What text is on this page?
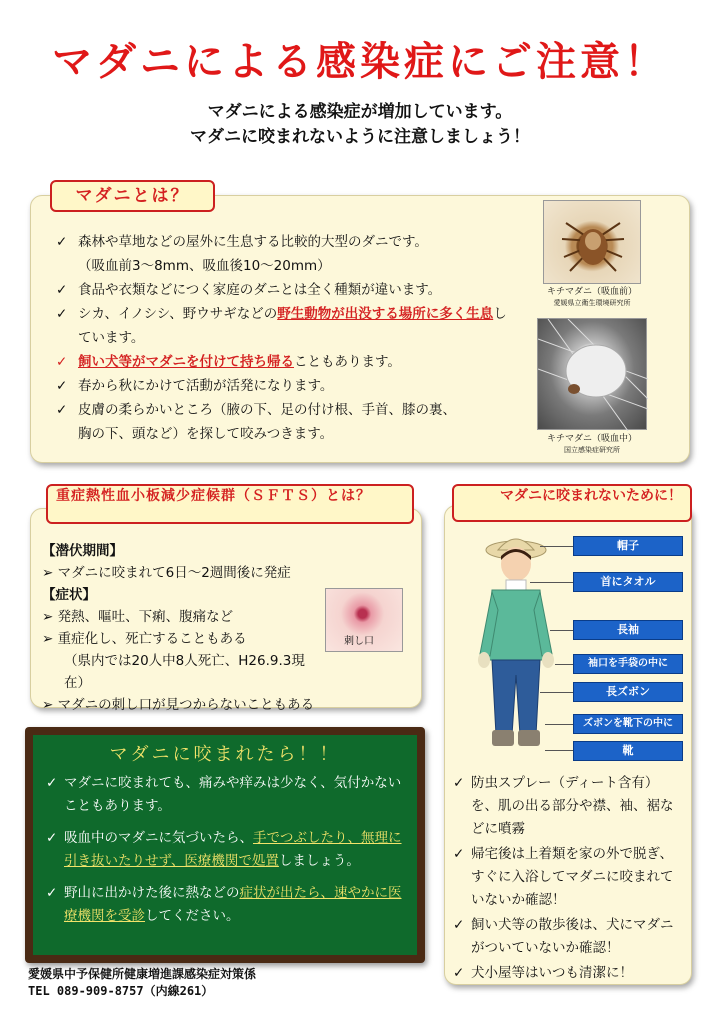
マダニによる感染症にご注意！
マダニによる感染症が増加しています。
マダニに咬まれないように注意しましょう！
マダニとは？
✓ 森林や草地などの屋外に生息する比較的大型のダニです。
（吸血前3～8mm、吸血後10～20mm）
✓ 食品や衣類などにつく家庭のダニとは全く種類が違います。
✓ シカ、イノシシ、野ウサギなどの野生動物が出没する場所に多く生息しています。
✓ 飼い犬等がマダニを付けて持ち帰ることもあります。
✓ 春から秋にかけて活動が活発になります。
✓ 皮膚の柔らかいところ（腋の下、足の付け根、手首、膝の裏、
胸の下、頭など）を探して咬みつきます。
キチマダニ（吸血前）
愛媛県立衛生環境研究所
キチマダニ（吸血中）
国立感染症研究所
重症熱性血小板減少症候群（ＳＦＴＳ）とは？
【潜伏期間】
➢ マダニに咬まれて6日～2週間後に発症
【症状】
➢ 発熱、嘔吐、下痢、腹痛など
➢ 重症化し、死亡することもある
（県内では20人中8人死亡、H26.9.3現在）
➢ マダニの刺し口が見つからないこともある
刺し口
マダニに咬まれたら！！
✓ マダニに咬まれても、痛みや痒みは少なく、気付かないこともあります。
✓ 吸血中のマダニに気づいたら、手でつぶしたり、無理に引き抜いたりせず、医療機関で処置しましょう。
✓ 野山に出かけた後に熱などの症状が出たら、速やかに医療機関を受診してください。
マダニに咬まれないために！
帽子
首にタオル
長袖
袖口を手袋の中に
長ズボン
ズボンを靴下の中に
靴
✓ 防虫スプレー（ディート含有）を、肌の出る部分や襟、袖、裾などに噴霧
✓ 帰宅後は上着類を家の外で脱ぎ、すぐに入浴してマダニに咬まれていないか確認！
✓ 飼い犬等の散歩後は、犬にマダニがついていないか確認！
✓ 犬小屋等はいつも清潔に！
愛媛県中予保健所健康増進課感染症対策係
TEL 089-909-8757（内線261）
